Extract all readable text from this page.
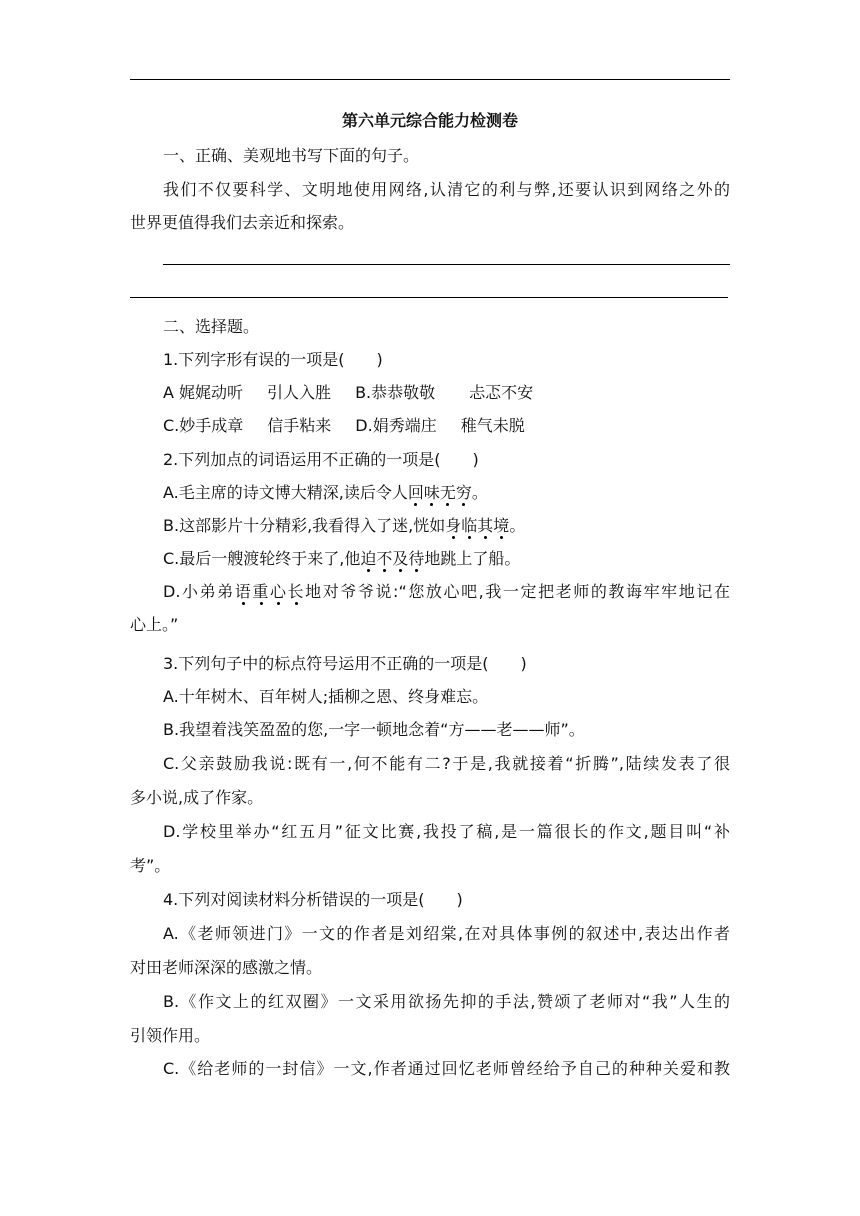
第六单元综合能力检测卷
一、正确、美观地书写下面的句子。
我们不仅要科学、文明地使用网络,认清它的利与弊,还要认识到网络之外的
世界更值得我们去亲近和探索。
二、选择题。
1.下列字形有误的一项是(　　)
A 娓娓动听 引人入胜 B.恭恭敬敬 忐忑不安
C.妙手成章 信手粘来 D.娟秀端庄 稚气未脱
2.下列加点的词语运用不正确的一项是(　　)
A.毛主席的诗文博大精深,读后令人回味无穷。
B.这部影片十分精彩,我看得入了迷,恍如身临其境。
C.最后一艘渡轮终于来了,他迫不及待地跳上了船。
D.小弟弟语重心长地对爷爷说:“您放心吧,我一定把老师的教诲牢牢地记在
心上。”
3.下列句子中的标点符号运用不正确的一项是(　　)
A.十年树木、百年树人;插柳之恩、终身难忘。
B.我望着浅笑盈盈的您,一字一顿地念着“方——老——师”。
C.父亲鼓励我说:既有一,何不能有二?于是,我就接着“折腾”,陆续发表了很
多小说,成了作家。
D.学校里举办“红五月”征文比赛,我投了稿,是一篇很长的作文,题目叫“补
考”。
4.下列对阅读材料分析错误的一项是(　　)
A.《老师领进门》一文的作者是刘绍棠,在对具体事例的叙述中,表达出作者
对田老师深深的感激之情。
B.《作文上的红双圈》一文采用欲扬先抑的手法,赞颂了老师对“我”人生的
引领作用。
C.《给老师的一封信》一文,作者通过回忆老师曾经给予自己的种种关爱和教
